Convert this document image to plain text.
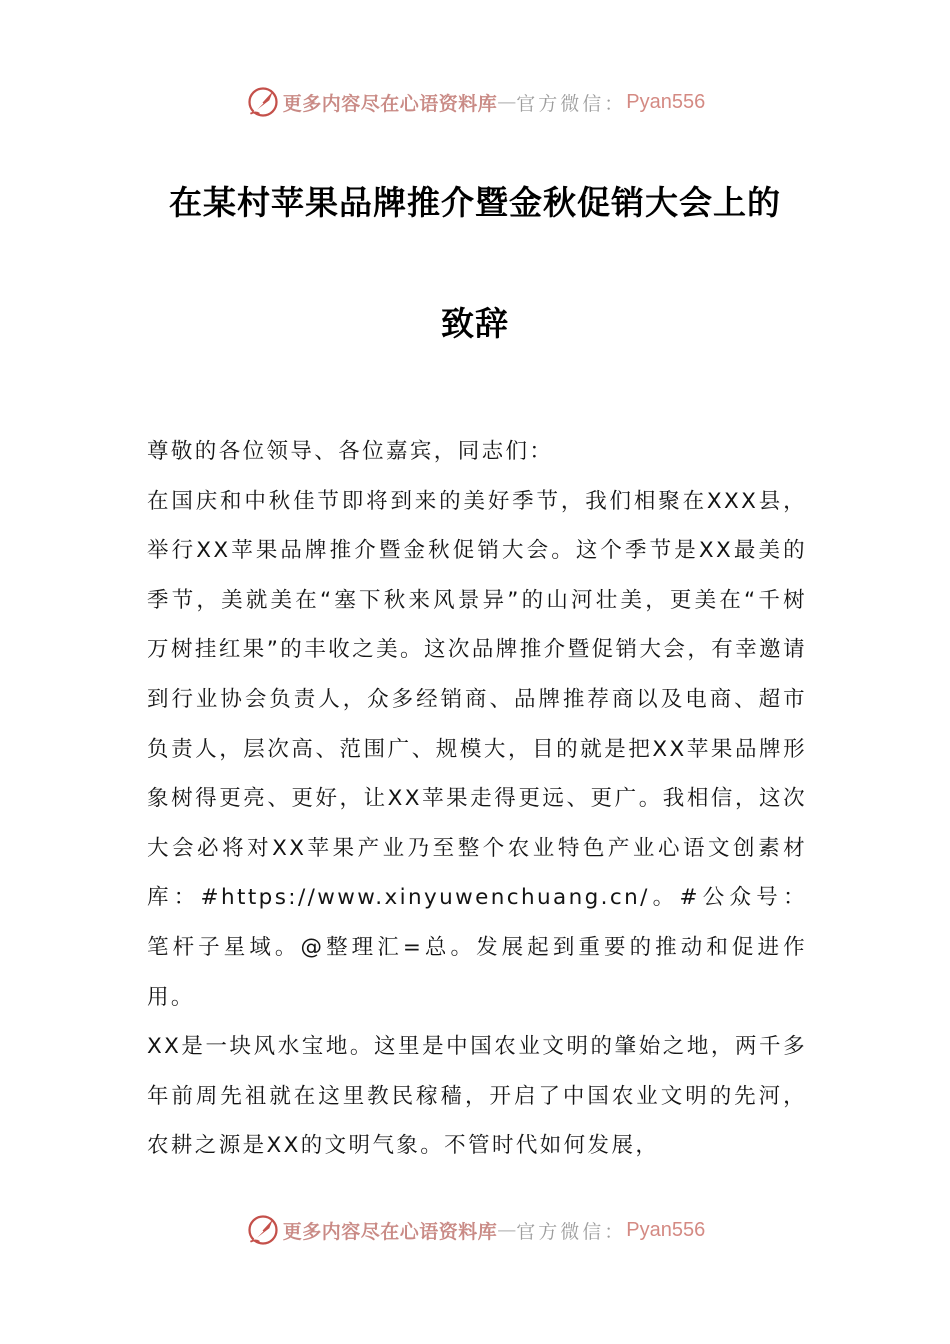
更多内容尽在心语资料库 — 官方微信： Pyan556
在某村苹果品牌推介暨金秋促销大会上的
致辞

尊敬的各位领导、各位嘉宾，同志们：

在国庆和中秋佳节即将到来的美好季节，我们相聚在XXX县，举行XX苹果品牌推介暨金秋促销大会。这个季节是XX最美的季节，美就美在“塞下秋来风景异”的山河壮美，更美在“千树万树挂红果”的丰收之美。这次品牌推介暨促销大会，有幸邀请到行业协会负责人，众多经销商、品牌推荐商以及电商、超市负责人，层次高、范围广、规模大，目的就是把XX苹果品牌形象树得更亮、更好，让XX苹果走得更远、更广。我相信，这次大会必将对XX苹果产业乃至整个农业特色产业心语文创素材库：#https://www.xinyuwenchuang.cn/。#公众号：笔杆子星域。@整理汇=总。发展起到重要的推动和促进作用。

XX是一块风水宝地。这里是中国农业文明的肇始之地，两千多年前周先祖就在这里教民稼穑，开启了中国农业文明的先河，农耕之源是XX的文明气象。不管时代如何发展，

更多内容尽在心语资料库 — 官方微信： Pyan556
